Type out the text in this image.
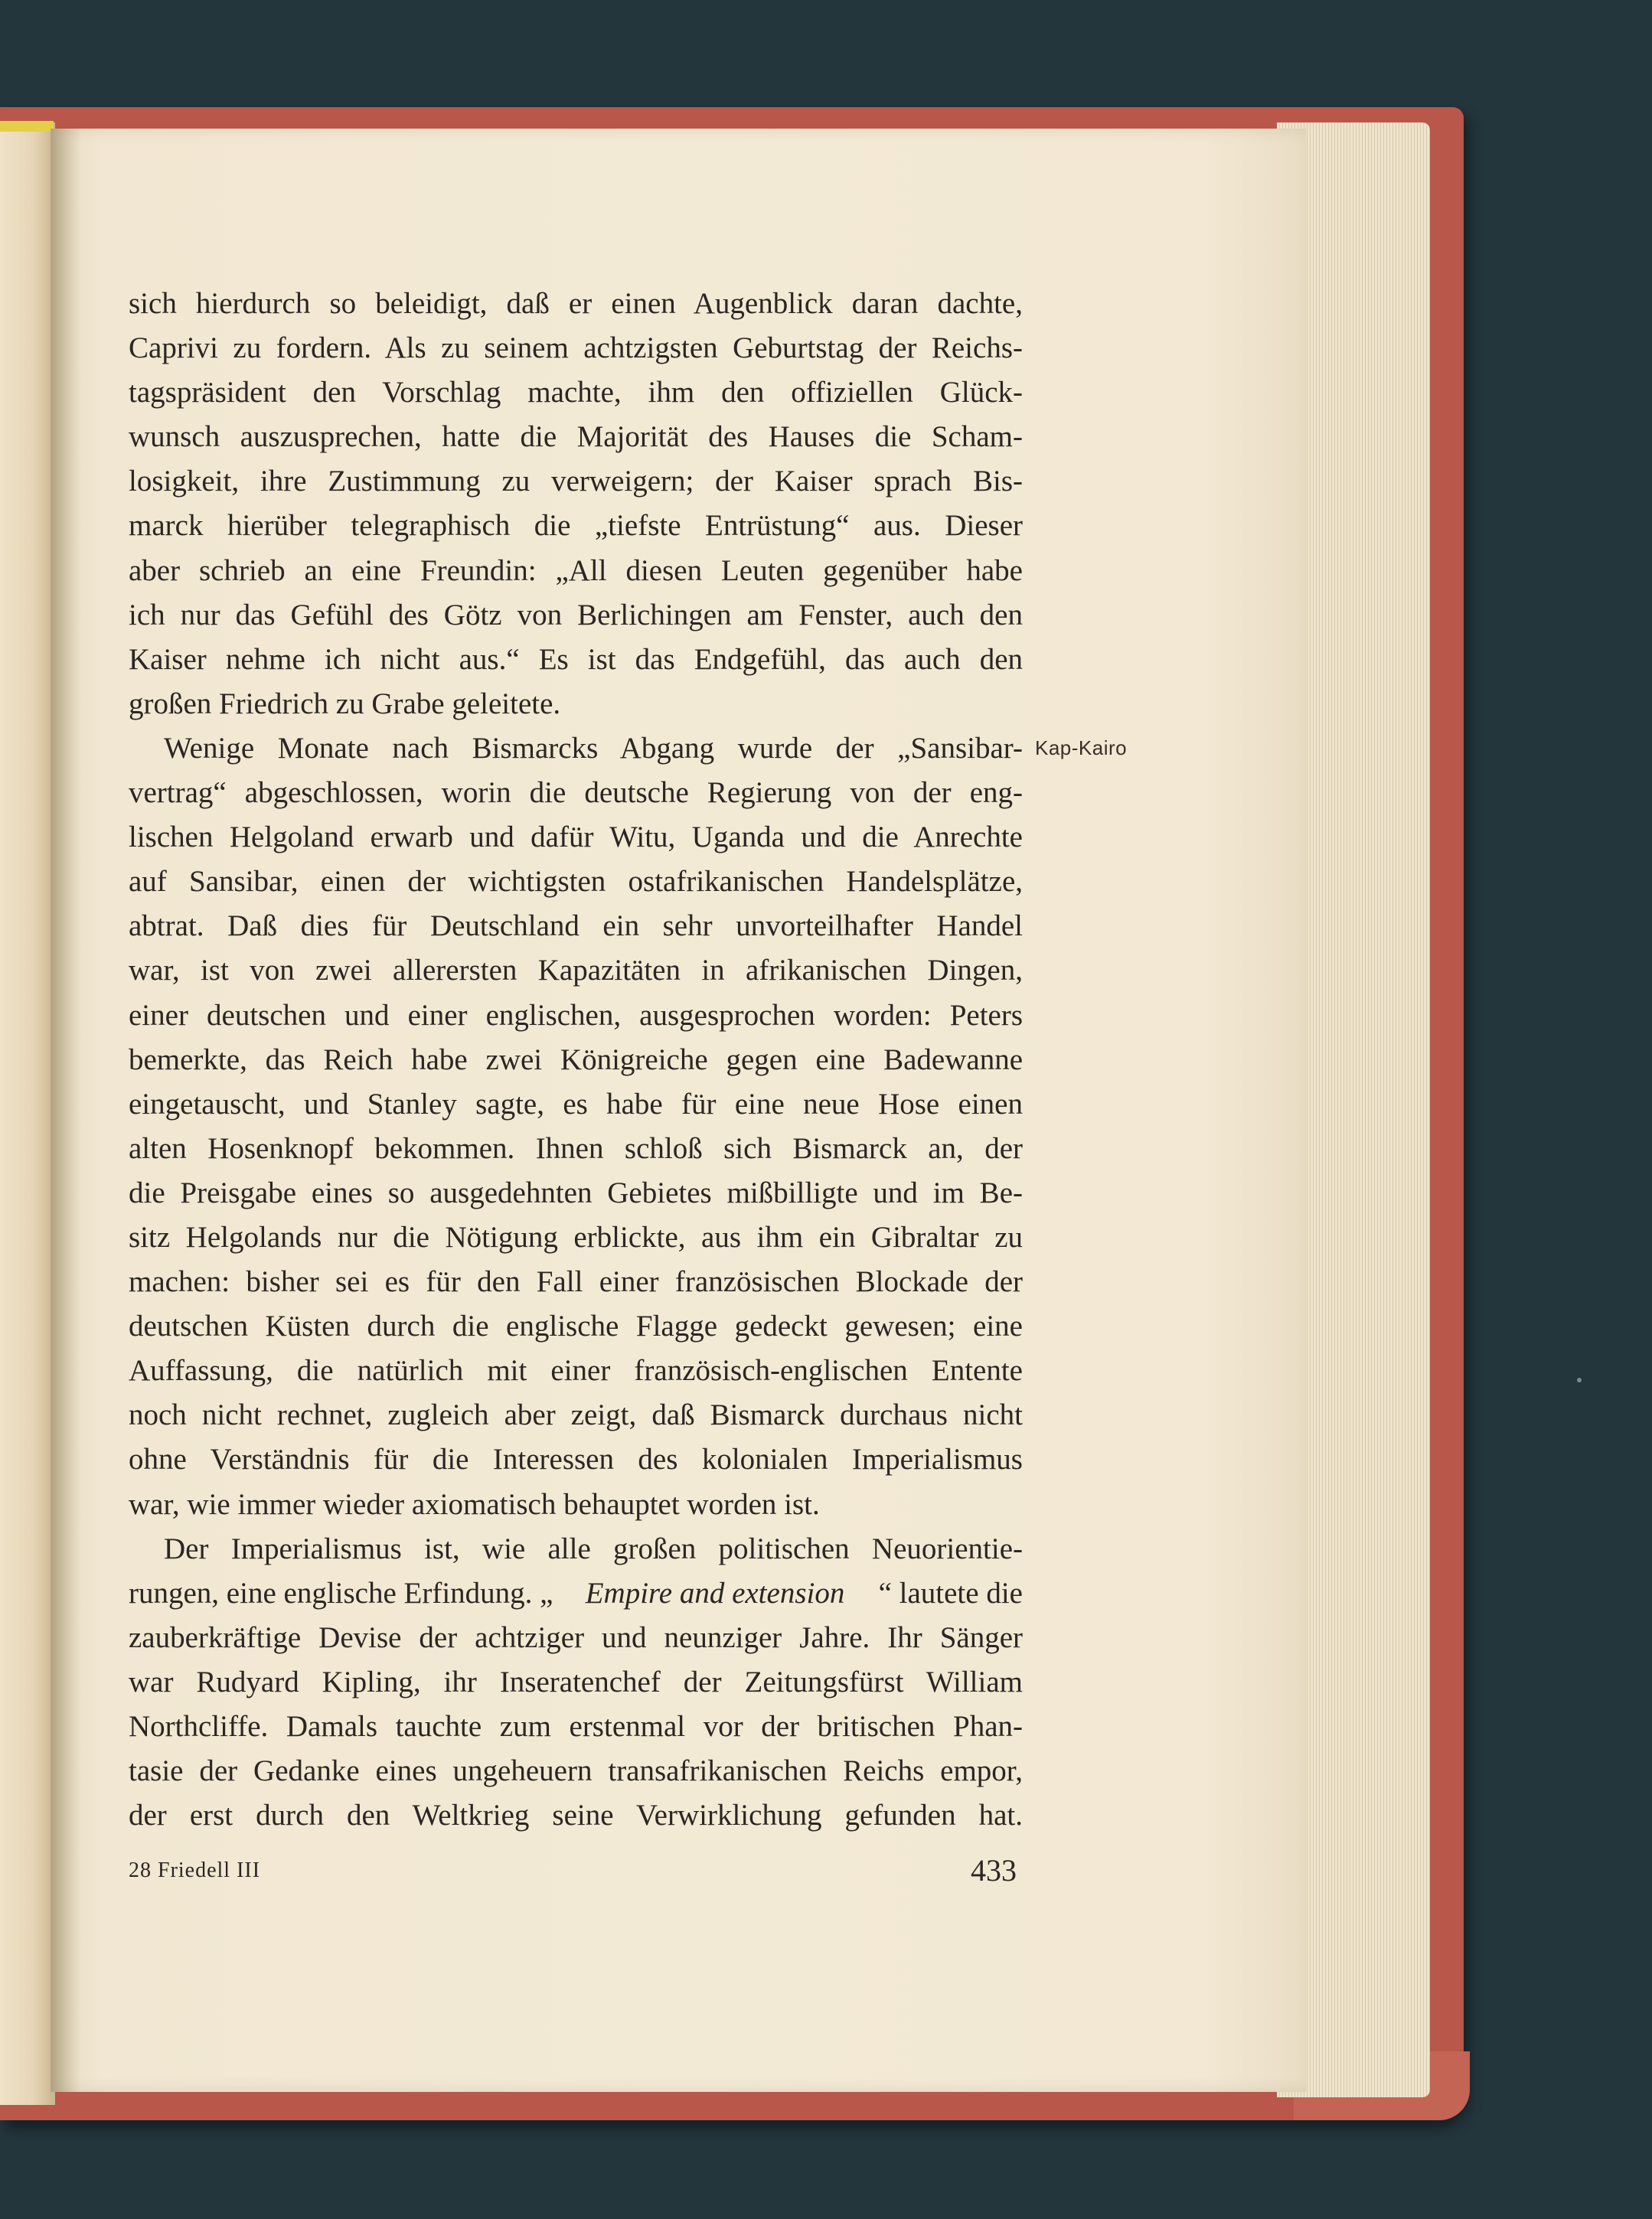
sich hierdurch so beleidigt, daß er einen Augenblick daran dachte,
Caprivi zu fordern. Als zu seinem achtzigsten Geburtstag der Reichs-
tagspräsident den Vorschlag machte, ihm den offiziellen Glück-
wunsch auszusprechen, hatte die Majorität des Hauses die Scham-
losigkeit, ihre Zustimmung zu verweigern; der Kaiser sprach Bis-
marck hierüber telegraphisch die „tiefste Entrüstung“ aus. Dieser
aber schrieb an eine Freundin: „All diesen Leuten gegenüber habe
ich nur das Gefühl des Götz von Berlichingen am Fenster, auch den
Kaiser nehme ich nicht aus.“ Es ist das Endgefühl, das auch den
großen Friedrich zu Grabe geleitete.
Wenige Monate nach Bismarcks Abgang wurde der „Sansibar-
vertrag“ abgeschlossen, worin die deutsche Regierung von der eng-
lischen Helgoland erwarb und dafür Witu, Uganda und die Anrechte
auf Sansibar, einen der wichtigsten ostafrikanischen Handelsplätze,
abtrat. Daß dies für Deutschland ein sehr unvorteilhafter Handel
war, ist von zwei allerersten Kapazitäten in afrikanischen Dingen,
einer deutschen und einer englischen, ausgesprochen worden: Peters
bemerkte, das Reich habe zwei Königreiche gegen eine Badewanne
eingetauscht, und Stanley sagte, es habe für eine neue Hose einen
alten Hosenknopf bekommen. Ihnen schloß sich Bismarck an, der
die Preisgabe eines so ausgedehnten Gebietes mißbilligte und im Be-
sitz Helgolands nur die Nötigung erblickte, aus ihm ein Gibraltar zu
machen: bisher sei es für den Fall einer französischen Blockade der
deutschen Küsten durch die englische Flagge gedeckt gewesen; eine
Auffassung, die natürlich mit einer französisch-englischen Entente
noch nicht rechnet, zugleich aber zeigt, daß Bismarck durchaus nicht
ohne Verständnis für die Interessen des kolonialen Imperialismus
war, wie immer wieder axiomatisch behauptet worden ist.
Der Imperialismus ist, wie alle großen politischen Neuorientie-
rungen, eine englische Erfindung. „ Empire and extension “ lautete die
zauberkräftige Devise der achtziger und neunziger Jahre. Ihr Sänger
war Rudyard Kipling, ihr Inseratenchef der Zeitungsfürst William
Northcliffe. Damals tauchte zum erstenmal vor der britischen Phan-
tasie der Gedanke eines ungeheuern transafrikanischen Reichs empor,
der erst durch den Weltkrieg seine Verwirklichung gefunden hat.
Kap-Kairo
28 Friedell III	433
